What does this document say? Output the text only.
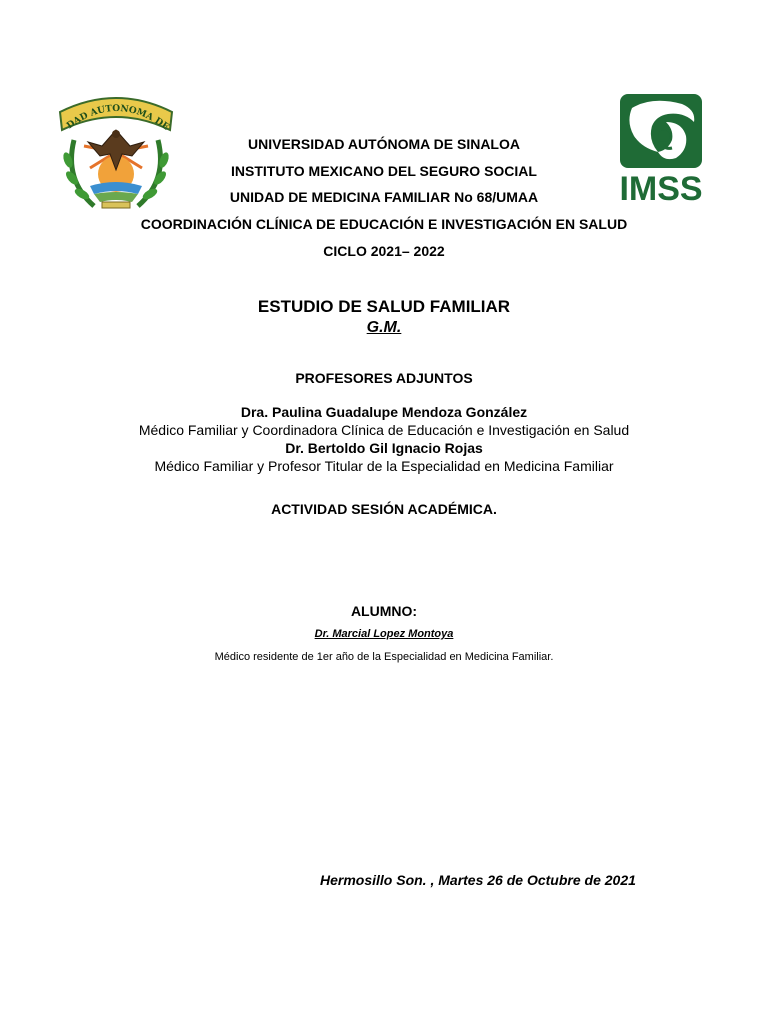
DAD AUTONOMA DE
IMSS
UNIVERSIDAD AUTÓNOMA DE SINALOA
INSTITUTO MEXICANO DEL SEGURO SOCIAL
UNIDAD DE MEDICINA FAMILIAR No 68/UMAA
COORDINACIÓN CLÍNICA DE EDUCACIÓN E INVESTIGACIÓN EN SALUD
CICLO 2021– 2022
ESTUDIO DE SALUD FAMILIAR
G.M.
PROFESORES ADJUNTOS
Dra. Paulina Guadalupe Mendoza González
Médico Familiar y Coordinadora Clínica de Educación e Investigación en Salud
Dr. Bertoldo Gil Ignacio Rojas
Médico Familiar y Profesor Titular de la Especialidad en Medicina Familiar
ACTIVIDAD SESIÓN ACADÉMICA.
ALUMNO:
Dr. Marcial Lopez Montoya
Médico residente de 1er año de la Especialidad en Medicina Familiar.
Hermosillo Son. , Martes 26 de Octubre de 2021
